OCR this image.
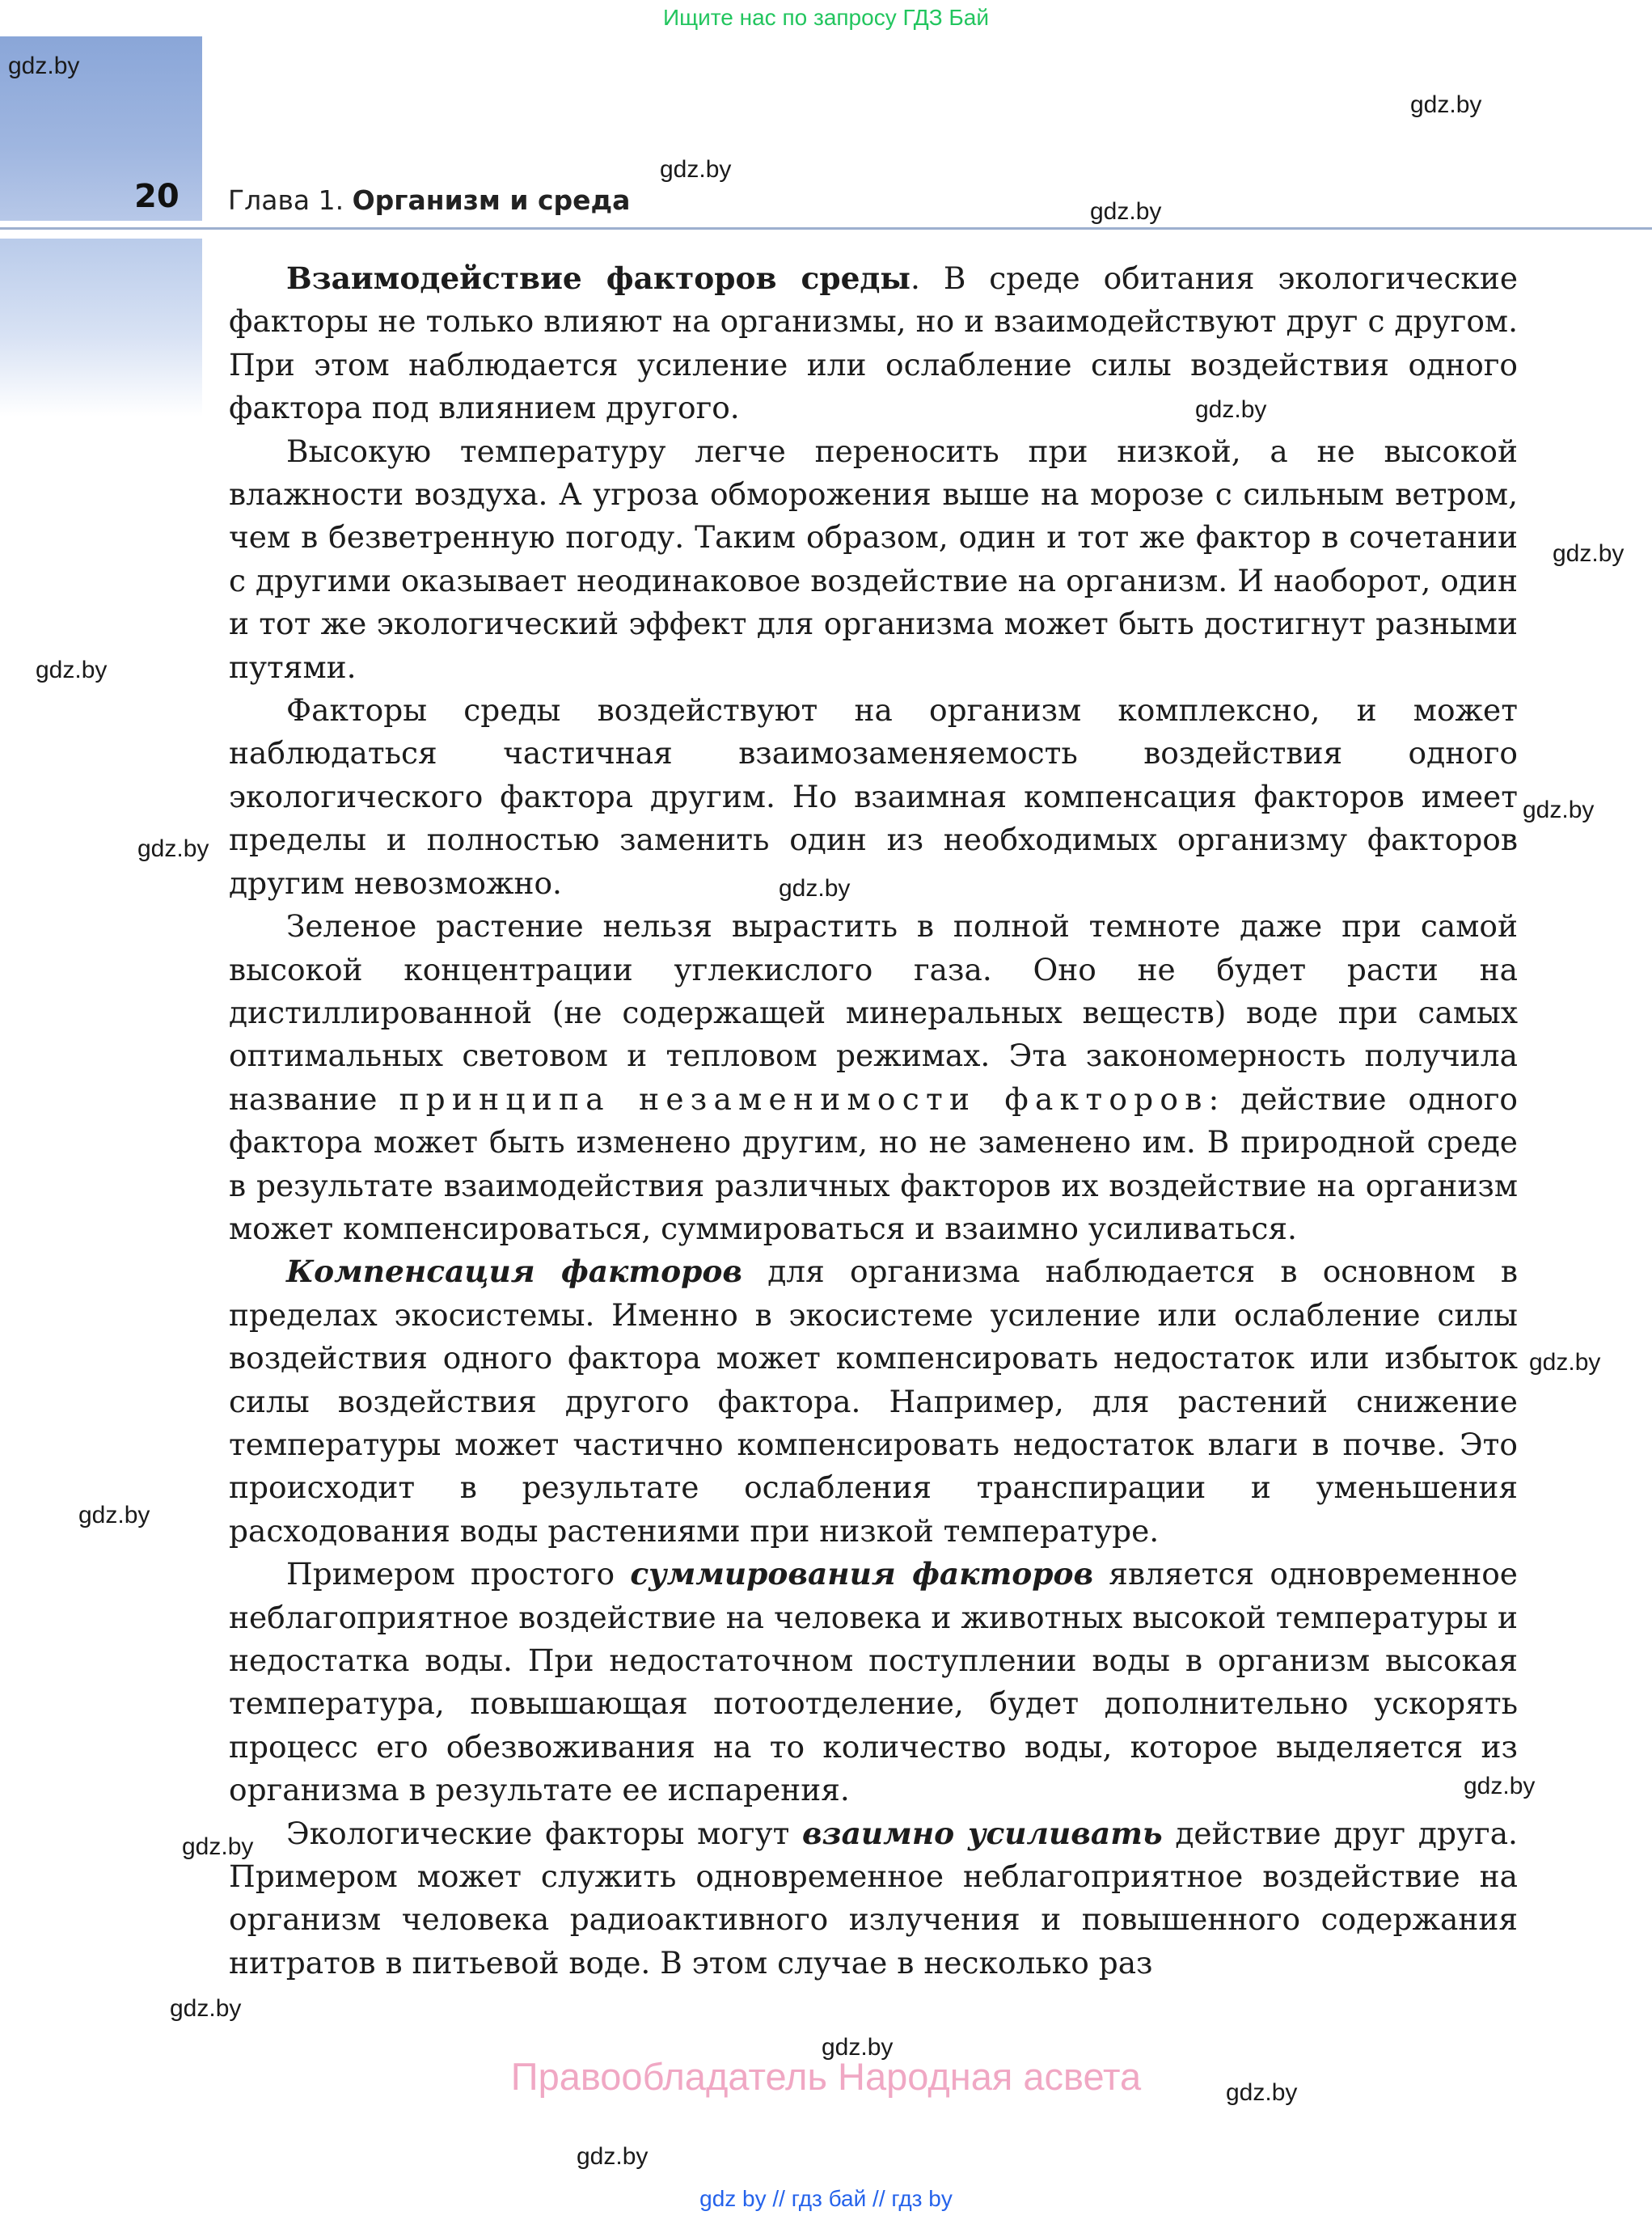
Ищите нас по запросу ГДЗ Бай
20 Глава 1. Организм и среда

Взаимодействие факторов среды. В среде обитания экологические факторы не только влияют на организмы, но и взаимодействуют друг с другом. При этом наблюдается усиление или ослабление силы воздействия одного фактора под влиянием другого.

Высокую температуру легче переносить при низкой, а не высокой влажности воздуха. А угроза обморожения выше на морозе с сильным ветром, чем в безветренную погоду. Таким образом, один и тот же фактор в сочетании с другими оказывает неодинаковое воздействие на организм. И наоборот, один и тот же экологический эффект для организма может быть достигнут разными путями.

Факторы среды воздействуют на организм комплексно, и может наблюдаться частичная взаимозаменяемость воздействия одного экологического фактора другим. Но взаимная компенсация факторов имеет пределы и полностью заменить один из необходимых организму факторов другим невозможно.

Зеленое растение нельзя вырастить в полной темноте даже при самой высокой концентрации углекислого газа. Оно не будет расти на дистиллированной (не содержащей минеральных веществ) воде при самых оптимальных световом и тепловом режимах. Эта закономерность получила название принципа незаменимости факторов: действие одного фактора может быть изменено другим, но не заменено им. В природной среде в результате взаимодействия различных факторов их воздействие на организм может компенсироваться, суммироваться и взаимно усиливаться.

Компенсация факторов для организма наблюдается в основном в пределах экосистемы. Именно в экосистеме усиление или ослабление силы воздействия одного фактора может компенсировать недостаток или избыток силы воздействия другого фактора. Например, для растений снижение температуры может частично компенсировать недостаток влаги в почве. Это происходит в результате ослабления транспирации и уменьшения расходования воды растениями при низкой температуре.

Примером простого суммирования факторов является одновременное неблагоприятное воздействие на человека и животных высокой температуры и недостатка воды. При недостаточном поступлении воды в организм высокая температура, повышающая потоотделение, будет дополнительно ускорять процесс его обезвоживания на то количество воды, которое выделяется из организма в результате ее испарения.

Экологические факторы могут взаимно усиливать действие друг друга. Примером может служить одновременное неблагоприятное воздействие на организм человека радиоактивного излучения и повышенного содержания нитратов в питьевой воде. В этом случае в несколько раз

gdz.by
gdz.by
gdz.by
gdz.by
gdz.by
gdz.by
gdz.by
gdz.by
gdz.by
gdz.by
gdz.by
gdz.by
gdz.by
gdz.by
gdz.by
gdz.by
gdz.by
gdz.by
Правообладатель Народная асвета
gdz by // гдз бай // гдз by
